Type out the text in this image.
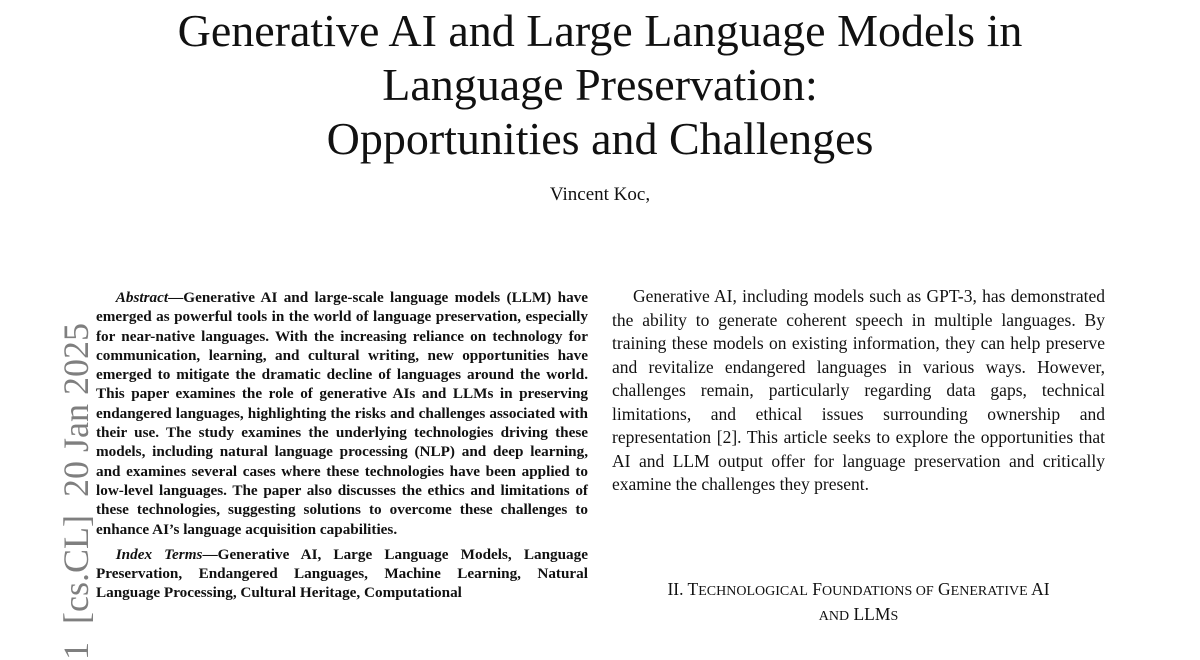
Generative AI and Large Language Models in
Language Preservation:
Opportunities and Challenges
Vincent Koc,
1  [cs.CL]  20 Jan 2025

Abstract—Generative AI and large-scale language models (LLM) have emerged as powerful tools in the world of language preservation, especially for near-native languages. With the increasing reliance on technology for communication, learning, and cultural writing, new opportunities have emerged to mitigate the dramatic decline of languages around the world. This paper examines the role of generative AIs and LLMs in preserving endangered languages, highlighting the risks and challenges associated with their use. The study examines the underlying technologies driving these models, including natural language processing (NLP) and deep learning, and examines several cases where these technologies have been applied to low-level languages. The paper also discusses the ethics and limitations of these technologies, suggesting solutions to overcome these challenges to enhance AI’s language acquisition capabilities.

Index Terms—Generative AI, Large Language Models, Language Preservation, Endangered Languages, Machine Learning, Natural Language Processing, Cultural Heritage, Computational

Generative AI, including models such as GPT-3, has demonstrated the ability to generate coherent speech in multiple languages. By training these models on existing information, they can help preserve and revitalize endangered languages in various ways. However, challenges remain, particularly regarding data gaps, technical limitations, and ethical issues surrounding ownership and representation [2]. This article seeks to explore the opportunities that AI and LLM output offer for language preservation and critically examine the challenges they present.

II. TECHNOLOGICAL FOUNDATIONS OF GENERATIVE AI
AND LLMS
